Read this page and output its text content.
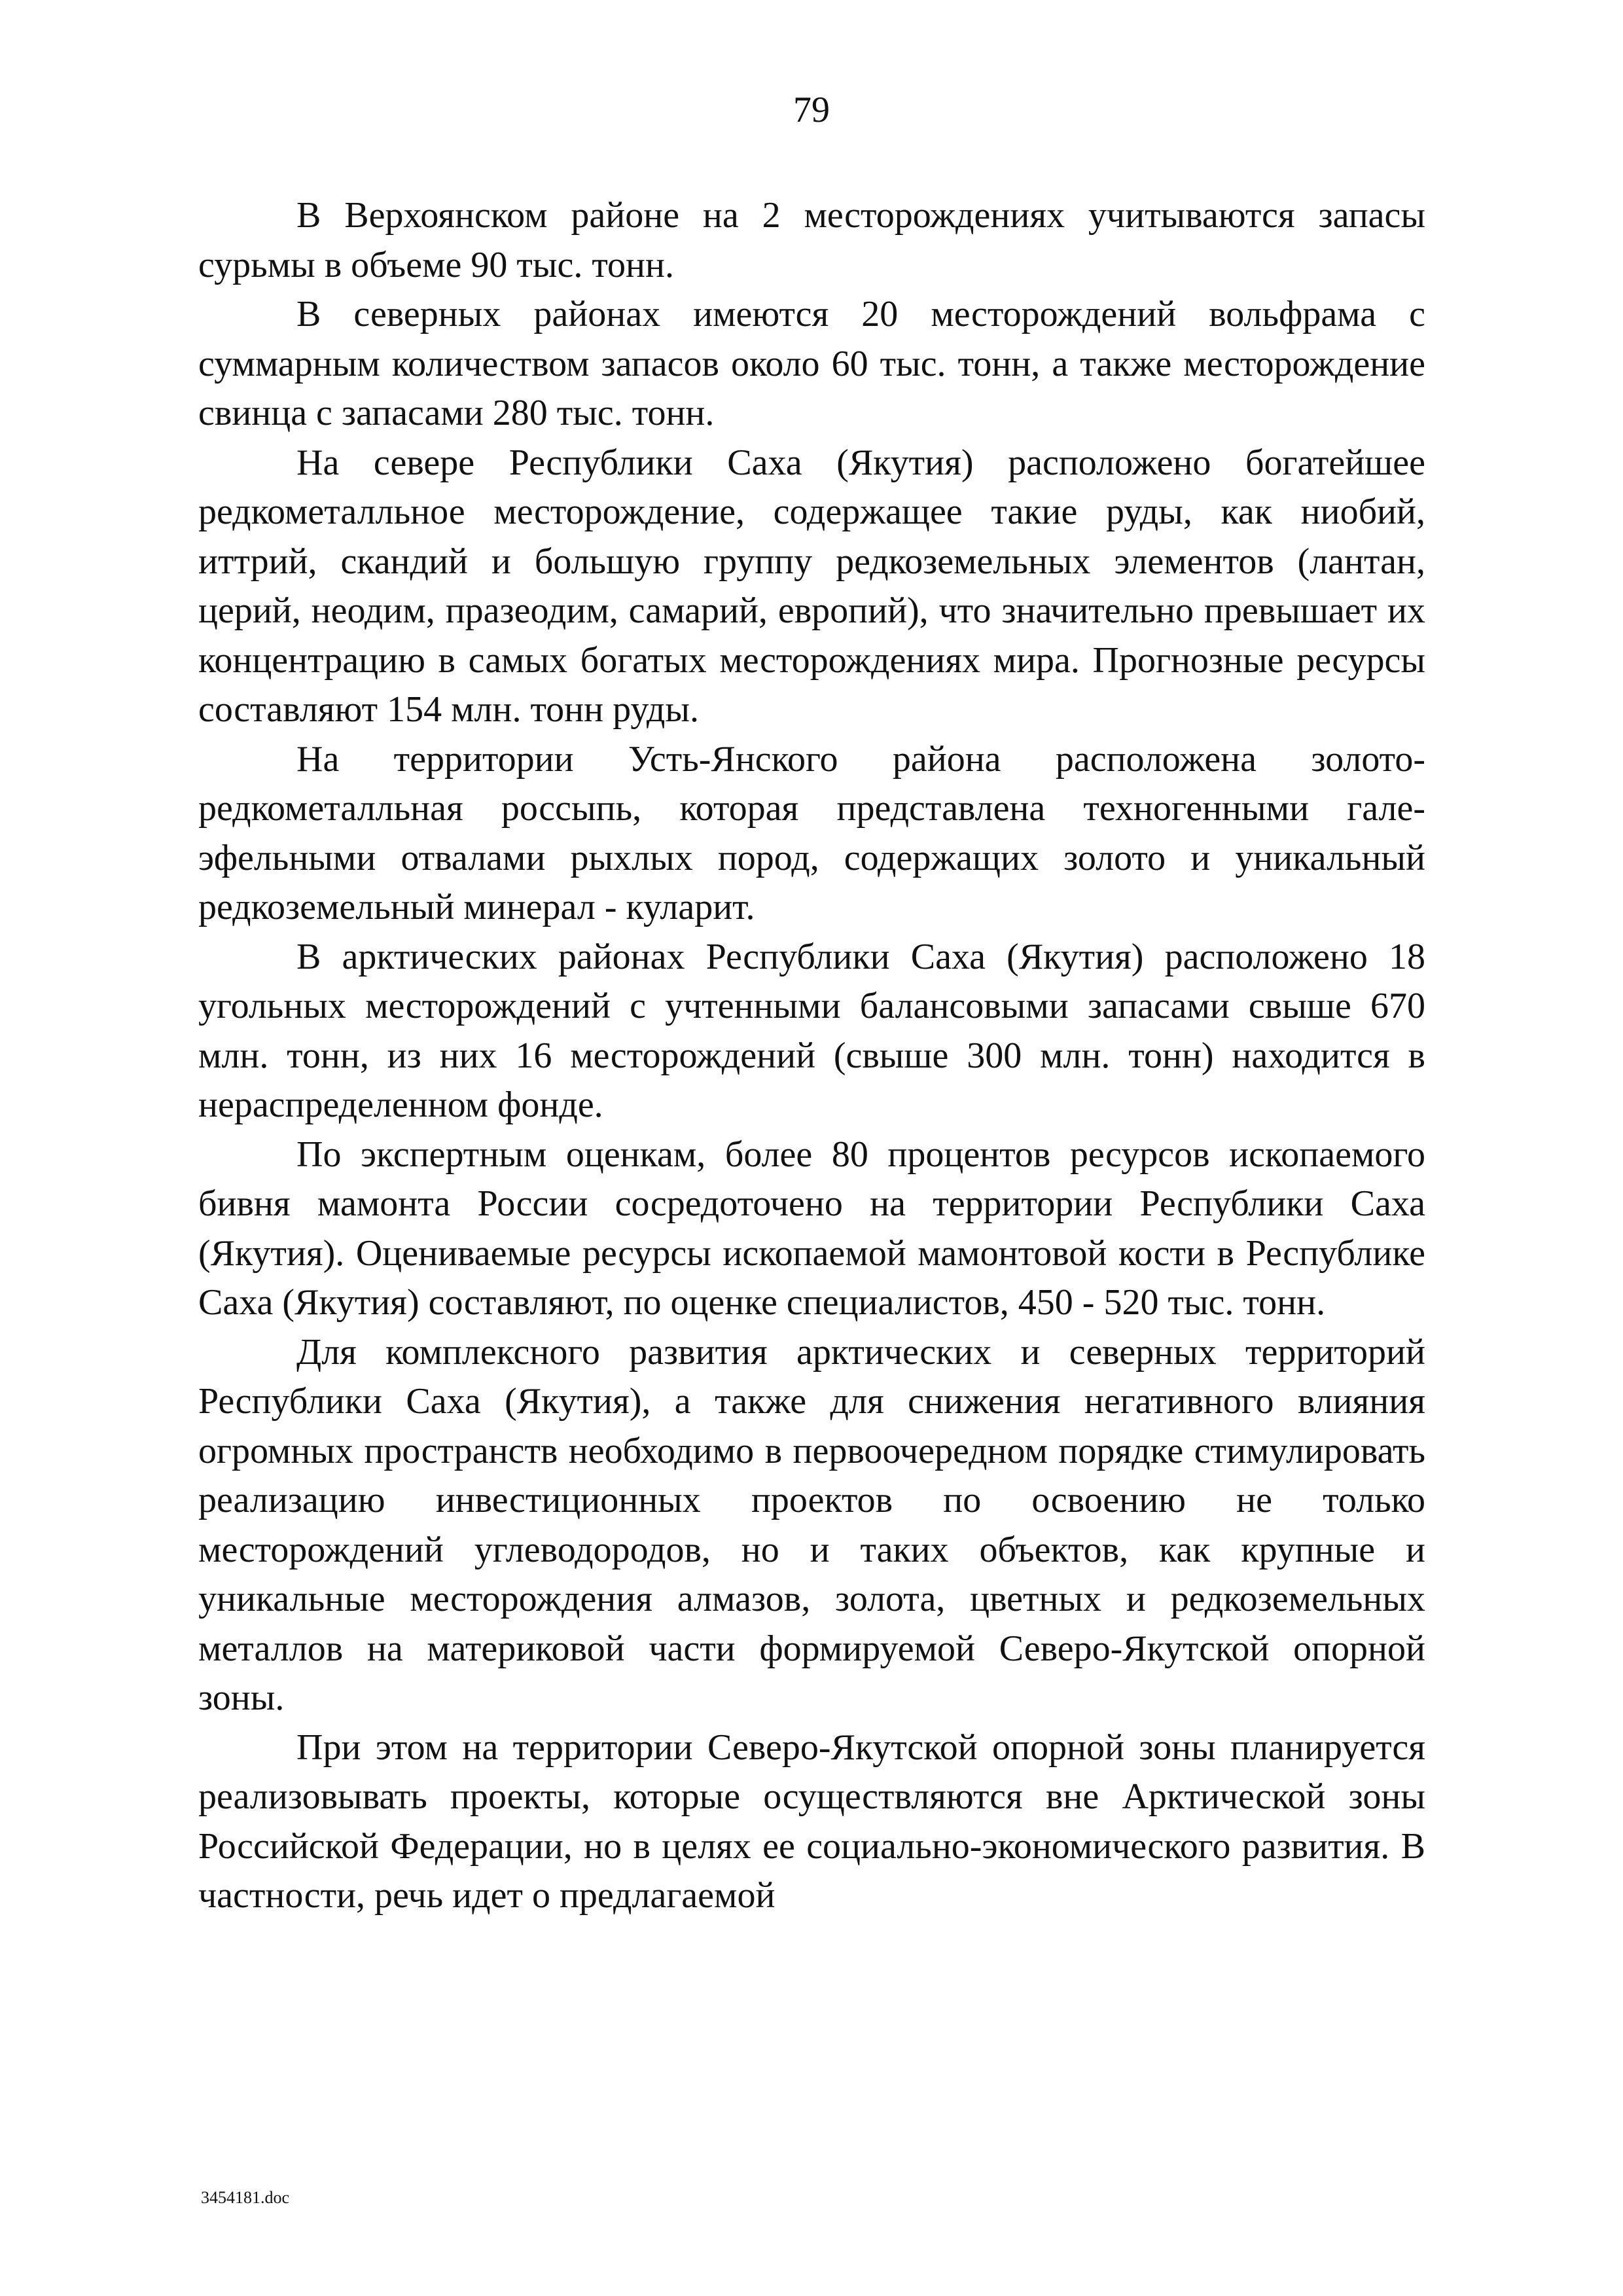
79

В Верхоянском районе на 2 месторождениях учитываются запасы сурьмы в объеме 90 тыс. тонн.

В северных районах имеются 20 месторождений вольфрама с суммарным количеством запасов около 60 тыс. тонн, а также месторождение свинца с запасами 280 тыс. тонн.

На севере Республики Саха (Якутия) расположено богатейшее редкометалльное месторождение, содержащее такие руды, как ниобий, иттрий, скандий и большую группу редкоземельных элементов (лантан, церий, неодим, празеодим, самарий, европий), что значительно превышает их концентрацию в самых богатых месторождениях мира. Прогнозные ресурсы составляют 154 млн. тонн руды.

На территории Усть-Янского района расположена золото-редкометалльная россыпь, которая представлена техногенными гале-эфельными отвалами рыхлых пород, содержащих золото и уникальный редкоземельный минерал - куларит.

В арктических районах Республики Саха (Якутия) расположено 18 угольных месторождений с учтенными балансовыми запасами свыше 670 млн. тонн, из них 16 месторождений (свыше 300 млн. тонн) находится в нераспределенном фонде.

По экспертным оценкам, более 80 процентов ресурсов ископаемого бивня мамонта России сосредоточено на территории Республики Саха (Якутия). Оцениваемые ресурсы ископаемой мамонтовой кости в Республике Саха (Якутия) составляют, по оценке специалистов, 450 - 520 тыс. тонн.

Для комплексного развития арктических и северных территорий Республики Саха (Якутия), а также для снижения негативного влияния огромных пространств необходимо в первоочередном порядке стимулировать реализацию инвестиционных проектов по освоению не только месторождений углеводородов, но и таких объектов, как крупные и уникальные месторождения алмазов, золота, цветных и редкоземельных металлов на материковой части формируемой Северо-Якутской опорной зоны.

При этом на территории Северо-Якутской опорной зоны планируется реализовывать проекты, которые осуществляются вне Арктической зоны Российской Федерации, но в целях ее социально-экономического развития. В частности, речь идет о предлагаемой

3454181.doc
